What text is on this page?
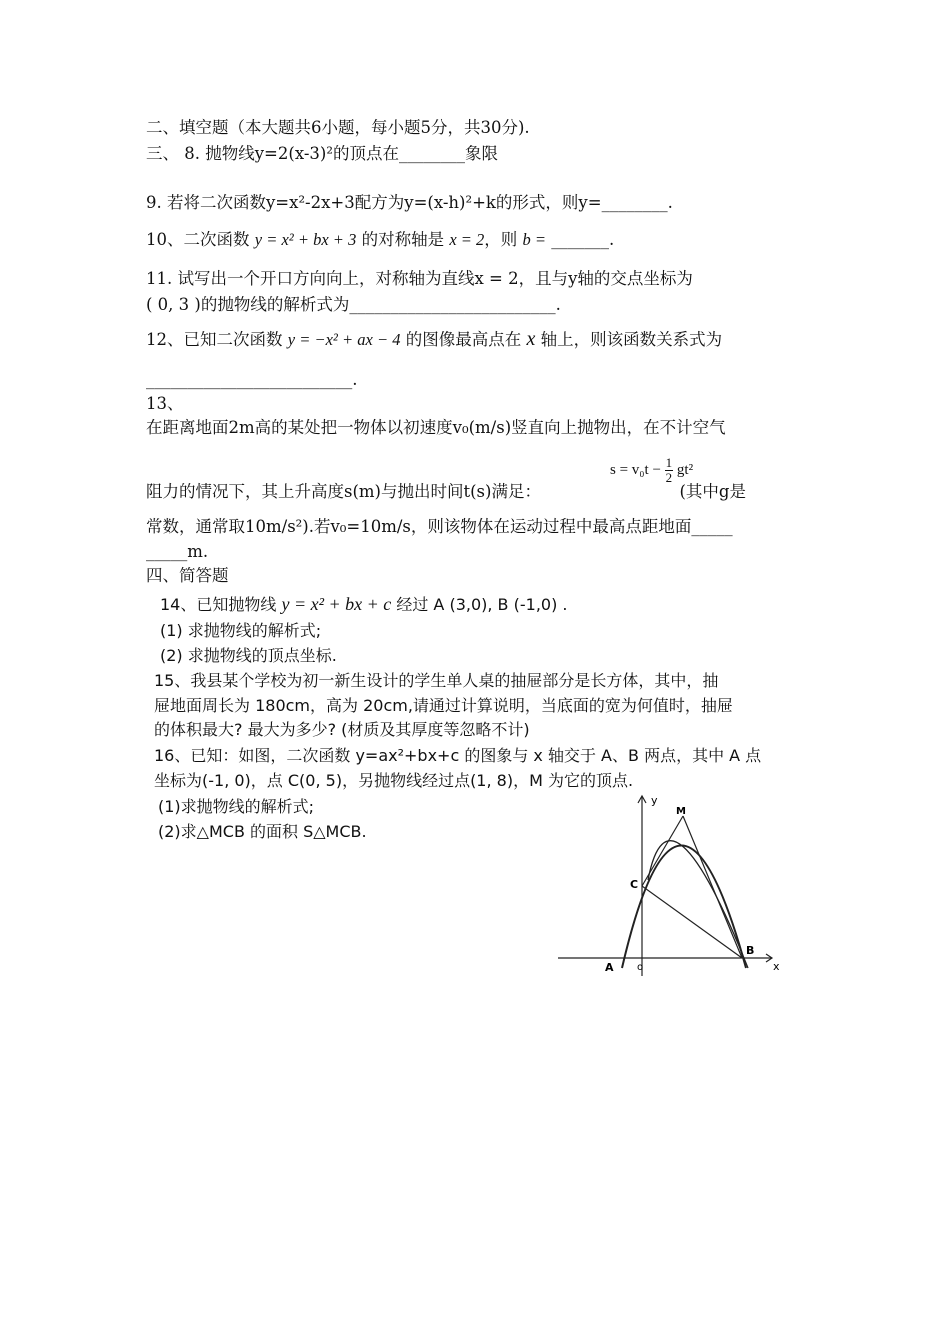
二、填空题（本大题共6小题，每小题5分，共30分).
三、 8. 抛物线y=2(x-3)²的顶点在________象限
9. 若将二次函数y=x²-2x+3配方为y=(x-h)²+k的形式，则y=________.
10、二次函数 y = x² + bx + 3 的对称轴是 x = 2，则 b = _______.
11. 试写出一个开口方向向上，对称轴为直线x = 2，且与y轴的交点坐标为
( 0, 3 )的抛物线的解析式为_________________________.
12、已知二次函数 y = −x² + ax − 4 的图像最高点在 x 轴上，则该函数关系式为
_________________________.
13、
在距离地面2m高的某处把一物体以初速度v₀(m/s)竖直向上抛物出，在不计空气
阻力的情况下，其上升高度s(m)与抛出时间t(s)满足：	(其中g是
$s = v_0t - \frac{1}{2} gt^2$
常数，通常取10m/s²).若v₀=10m/s，则该物体在运动过程中最高点距地面_____
_____m.
四、简答题
14、已知抛物线 y = x² + bx + c 经过 A (3,0), B (-1,0) .
(1) 求抛物线的解析式;
(2) 求抛物线的顶点坐标.
15、我县某个学校为初一新生设计的学生单人桌的抽屉部分是长方体，其中，抽
屉地面周长为 180cm，高为 20cm,请通过计算说明，当底面的宽为何值时，抽屉
的体积最大? 最大为多少? (材质及其厚度等忽略不计)
16、已知：如图，二次函数 y=ax²+bx+c 的图象与 x 轴交于 A、B 两点，其中 A 点
坐标为(-1, 0)，点 C(0, 5)，另抛物线经过点(1, 8)，M 为它的顶点.
(1)求抛物线的解析式;
(2)求△MCB 的面积 S△MCB.
y
x
o
A
B
C
M
